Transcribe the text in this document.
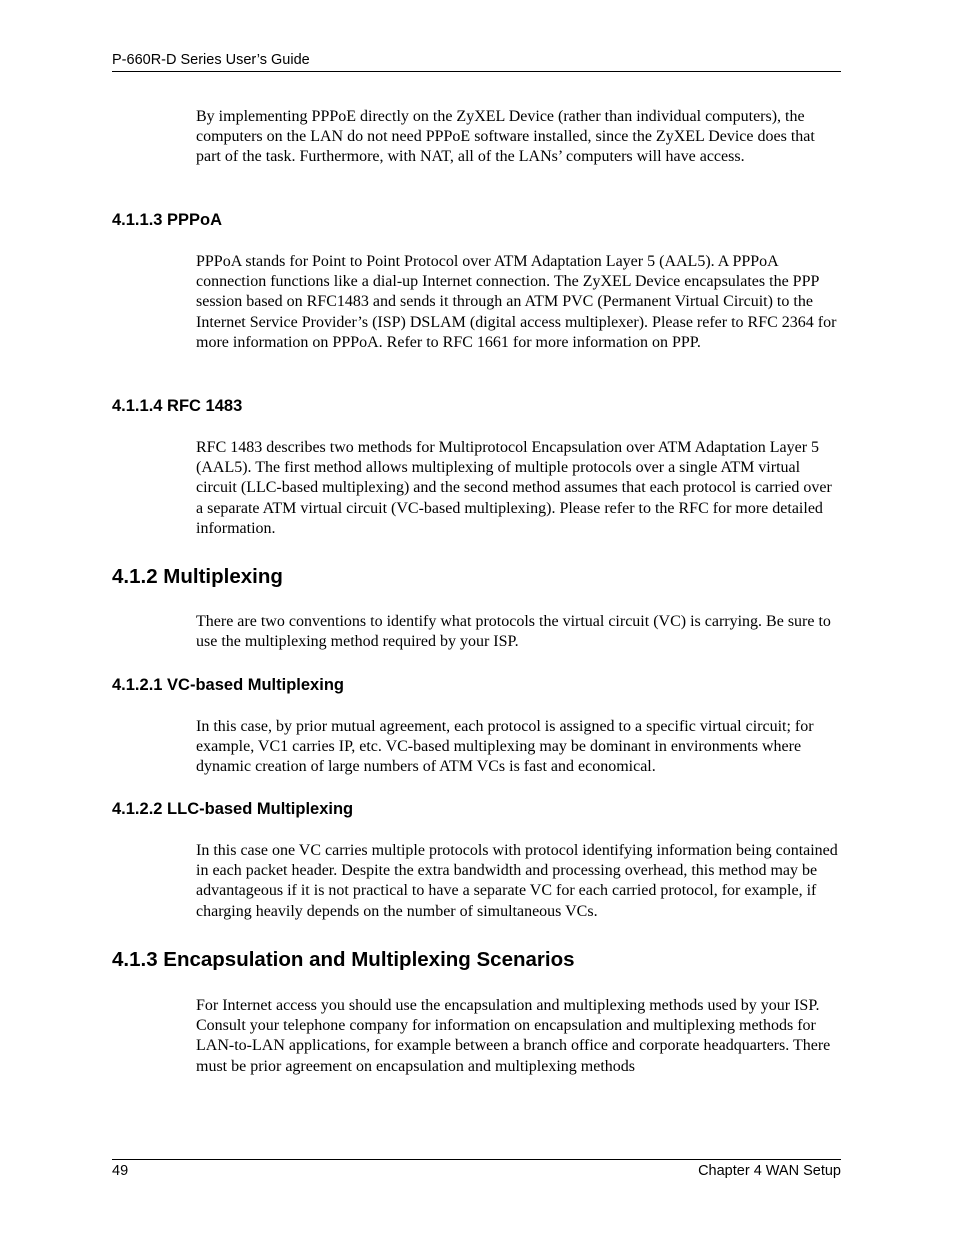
P-660R-D Series User’s Guide

By implementing PPPoE directly on the ZyXEL Device (rather than individual computers), the computers on the LAN do not need PPPoE software installed, since the ZyXEL Device does that part of the task. Furthermore, with NAT, all of the LANs’ computers will have access.

4.1.1.3 PPPoA

PPPoA stands for Point to Point Protocol over ATM Adaptation Layer 5 (AAL5). A PPPoA connection functions like a dial-up Internet connection. The ZyXEL Device encapsulates the PPP session based on RFC1483 and sends it through an ATM PVC (Permanent Virtual Circuit) to the Internet Service Provider’s (ISP) DSLAM (digital access multiplexer). Please refer to RFC 2364 for more information on PPPoA. Refer to RFC 1661 for more information on PPP.

4.1.1.4 RFC 1483

RFC 1483 describes two methods for Multiprotocol Encapsulation over ATM Adaptation Layer 5 (AAL5). The first method allows multiplexing of multiple protocols over a single ATM virtual circuit (LLC-based multiplexing) and the second method assumes that each protocol is carried over a separate ATM virtual circuit (VC-based multiplexing). Please refer to the RFC for more detailed information.

4.1.2 Multiplexing

There are two conventions to identify what protocols the virtual circuit (VC) is carrying. Be sure to use the multiplexing method required by your ISP.

4.1.2.1 VC-based Multiplexing

In this case, by prior mutual agreement, each protocol is assigned to a specific virtual circuit; for example, VC1 carries IP, etc. VC-based multiplexing may be dominant in environments where dynamic creation of large numbers of ATM VCs is fast and economical.

4.1.2.2 LLC-based Multiplexing

In this case one VC carries multiple protocols with protocol identifying information being contained in each packet header. Despite the extra bandwidth and processing overhead, this method may be advantageous if it is not practical to have a separate VC for each carried protocol, for example, if charging heavily depends on the number of simultaneous VCs.

4.1.3 Encapsulation and Multiplexing Scenarios

For Internet access you should use the encapsulation and multiplexing methods used by your ISP. Consult your telephone company for information on encapsulation and multiplexing methods for LAN-to-LAN applications, for example between a branch office and corporate headquarters. There must be prior agreement on encapsulation and multiplexing methods

49	Chapter 4 WAN Setup
